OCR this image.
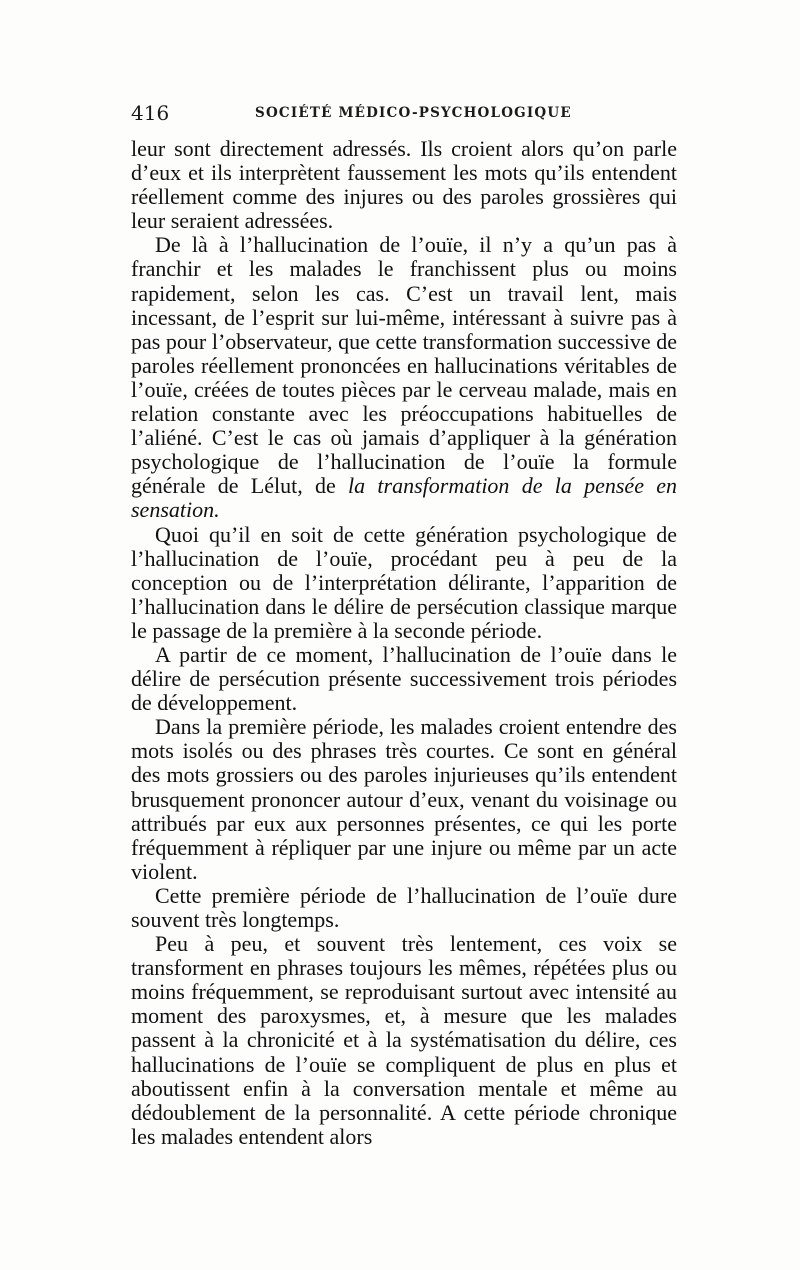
416	SOCIÉTÉ MÉDICO-PSYCHOLOGIQUE

leur sont directement adressés. Ils croient alors qu’on parle d’eux et ils interprètent faussement les mots qu’ils entendent réellement comme des injures ou des paroles grossières qui leur seraient adressées.

De là à l’hallucination de l’ouïe, il n’y a qu’un pas à franchir et les malades le franchissent plus ou moins rapidement, selon les cas. C’est un travail lent, mais incessant, de l’esprit sur lui-même, intéressant à suivre pas à pas pour l’observateur, que cette transformation successive de paroles réellement prononcées en hallucinations véritables de l’ouïe, créées de toutes pièces par le cerveau malade, mais en relation constante avec les préoccupations habituelles de l’aliéné. C’est le cas où jamais d’appliquer à la génération psychologique de l’hallucination de l’ouïe la formule générale de Lélut, de la transformation de la pensée en sensation.

Quoi qu’il en soit de cette génération psychologique de l’hallucination de l’ouïe, procédant peu à peu de la conception ou de l’interprétation délirante, l’apparition de l’hallucination dans le délire de persécution classique marque le passage de la première à la seconde période.

A partir de ce moment, l’hallucination de l’ouïe dans le délire de persécution présente successivement trois périodes de développement.

Dans la première période, les malades croient entendre des mots isolés ou des phrases très courtes. Ce sont en général des mots grossiers ou des paroles injurieuses qu’ils entendent brusquement prononcer autour d’eux, venant du voisinage ou attribués par eux aux personnes présentes, ce qui les porte fréquemment à répliquer par une injure ou même par un acte violent.

Cette première période de l’hallucination de l’ouïe dure souvent très longtemps.

Peu à peu, et souvent très lentement, ces voix se transforment en phrases toujours les mêmes, répétées plus ou moins fréquemment, se reproduisant surtout avec intensité au moment des paroxysmes, et, à mesure que les malades passent à la chronicité et à la systématisation du délire, ces hallucinations de l’ouïe se compliquent de plus en plus et aboutissent enfin à la conversation mentale et même au dédoublement de la personnalité. A cette période chronique les malades entendent alors
